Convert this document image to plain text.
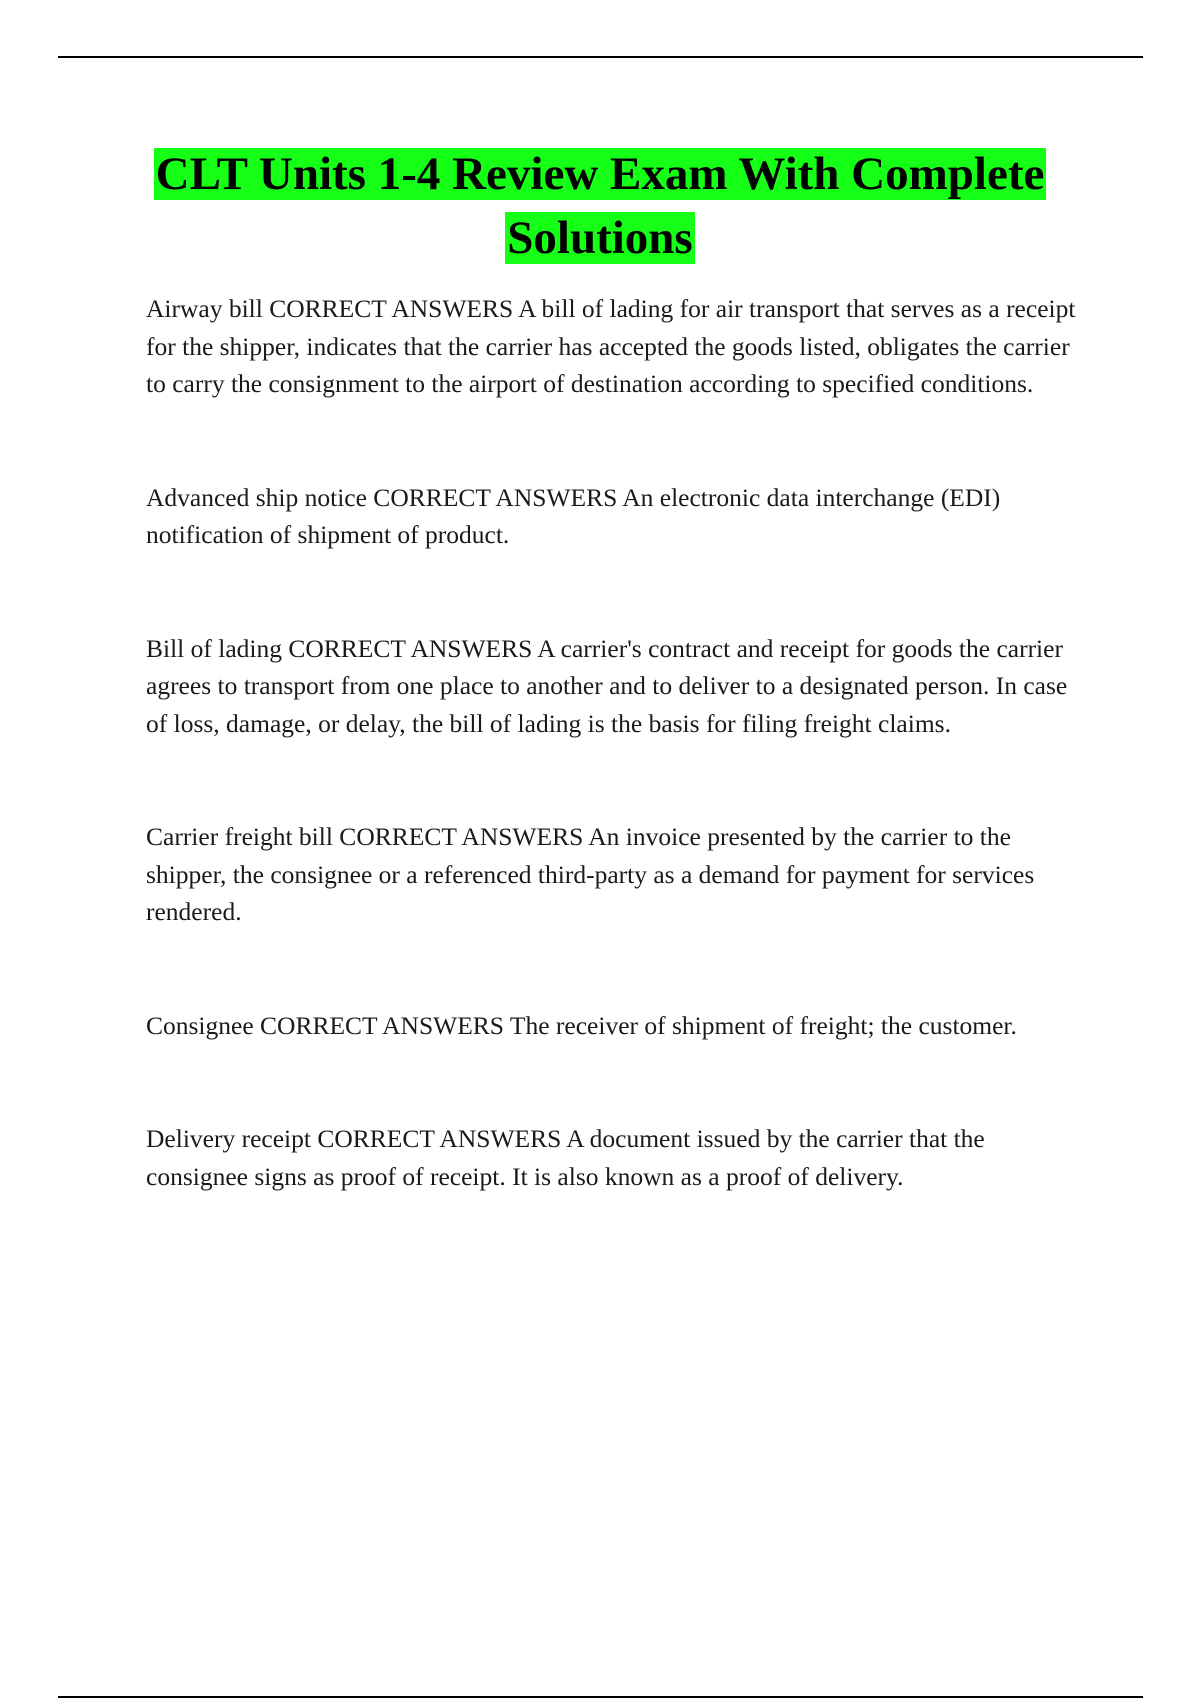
CLT Units 1-4 Review Exam With Complete Solutions

Airway bill CORRECT ANSWERS A bill of lading for air transport that serves as a receipt for the shipper, indicates that the carrier has accepted the goods listed, obligates the carrier to carry the consignment to the airport of destination according to specified conditions.

Advanced ship notice CORRECT ANSWERS An electronic data interchange (EDI) notification of shipment of product.

Bill of lading CORRECT ANSWERS A carrier's contract and receipt for goods the carrier agrees to transport from one place to another and to deliver to a designated person. In case of loss, damage, or delay, the bill of lading is the basis for filing freight claims.

Carrier freight bill CORRECT ANSWERS An invoice presented by the carrier to the shipper, the consignee or a referenced third-party as a demand for payment for services rendered.

Consignee CORRECT ANSWERS The receiver of shipment of freight; the customer.

Delivery receipt CORRECT ANSWERS A document issued by the carrier that the consignee signs as proof of receipt. It is also known as a proof of delivery.
